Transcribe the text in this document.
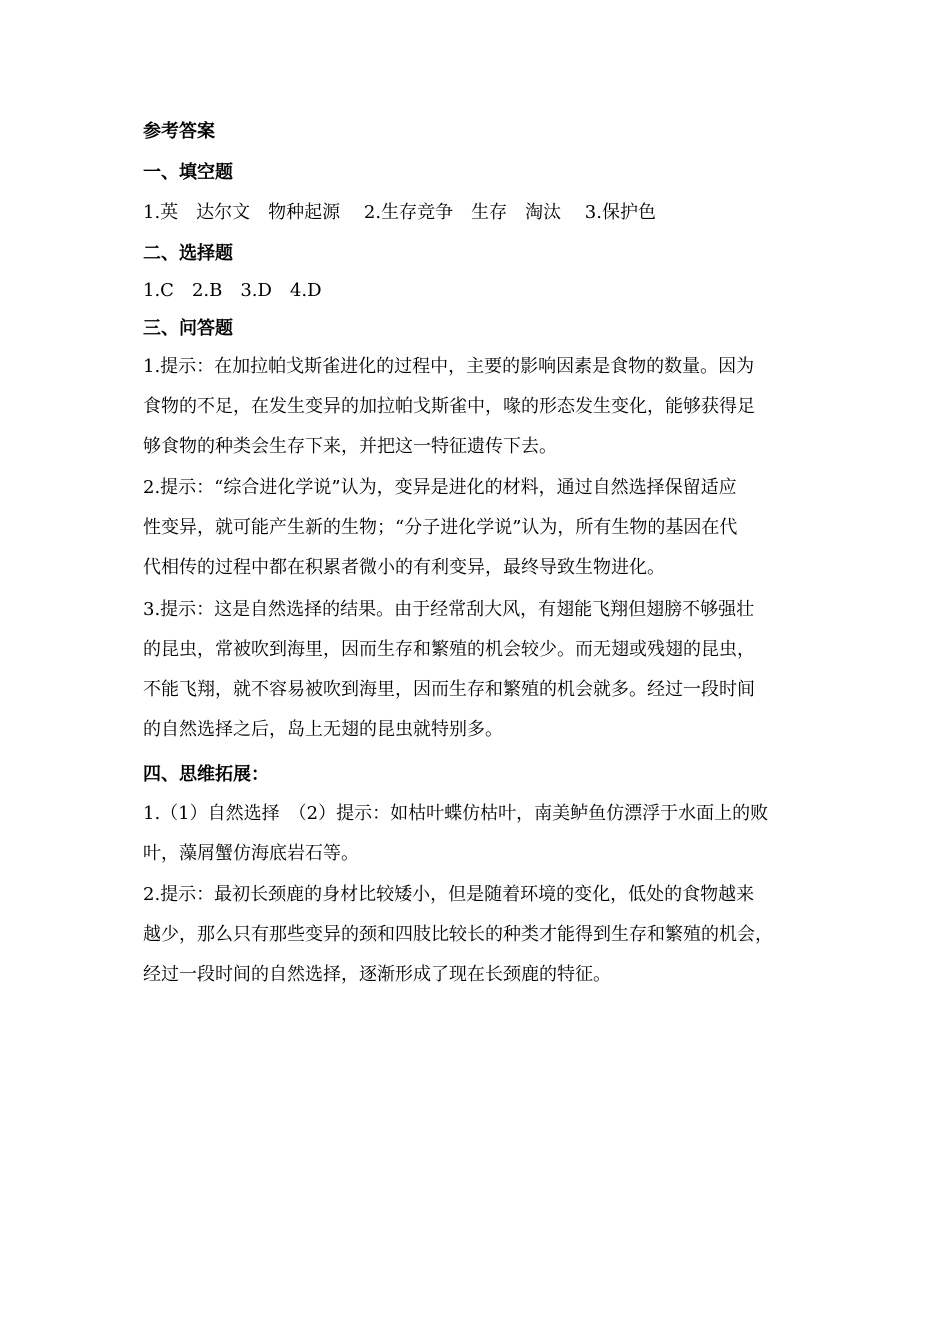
参考答案
一、填空题
1.英　达尔文　物种起源　 2.生存竞争　生存　淘汰　 3.保护色
二、选择题
1.C　2.B　3.D　4.D
三、问答题
1.提示：在加拉帕戈斯雀进化的过程中，主要的影响因素是食物的数量。因为
食物的不足，在发生变异的加拉帕戈斯雀中，喙的形态发生变化，能够获得足
够食物的种类会生存下来，并把这一特征遗传下去。
2.提示：“综合进化学说”认为，变异是进化的材料，通过自然选择保留适应
性变异，就可能产生新的生物；“分子进化学说”认为，所有生物的基因在代
代相传的过程中都在积累者微小的有利变异，最终导致生物进化。
3.提示：这是自然选择的结果。由于经常刮大风，有翅能飞翔但翅膀不够强壮
的昆虫，常被吹到海里，因而生存和繁殖的机会较少。而无翅或残翅的昆虫，
不能飞翔，就不容易被吹到海里，因而生存和繁殖的机会就多。经过一段时间
的自然选择之后，岛上无翅的昆虫就特别多。
四、思维拓展：
1.（1）自然选择　（2）提示：如枯叶蝶仿枯叶，南美鲈鱼仿漂浮于水面上的败
叶，藻屑蟹仿海底岩石等。
2.提示：最初长颈鹿的身材比较矮小，但是随着环境的变化，低处的食物越来
越少，那么只有那些变异的颈和四肢比较长的种类才能得到生存和繁殖的机会，
经过一段时间的自然选择，逐渐形成了现在长颈鹿的特征。
